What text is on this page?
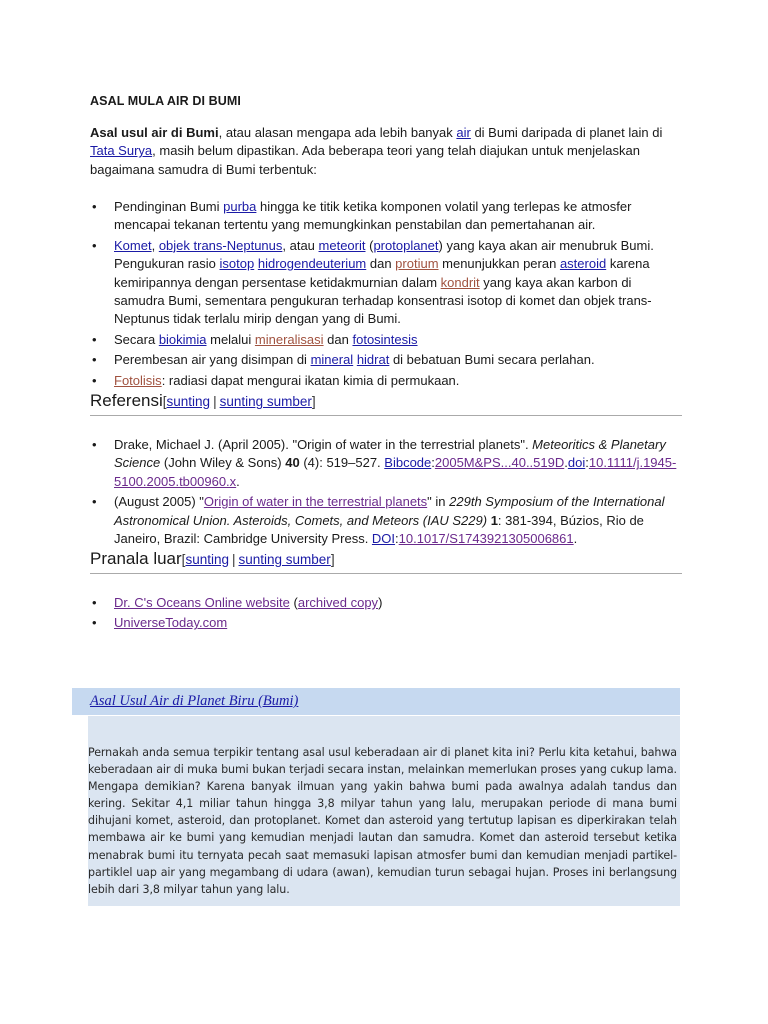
ASAL MULA AIR DI BUMI
Asal usul air di Bumi, atau alasan mengapa ada lebih banyak air di Bumi daripada di planet lain di Tata Surya, masih belum dipastikan. Ada beberapa teori yang telah diajukan untuk menjelaskan bagaimana samudra di Bumi terbentuk:
• Pendinginan Bumi purba hingga ke titik ketika komponen volatil yang terlepas ke atmosfer mencapai tekanan tertentu yang memungkinkan penstabilan dan pemertahanan air.
• Komet, objek trans-Neptunus, atau meteorit (protoplanet) yang kaya akan air menubruk Bumi. Pengukuran rasio isotop hidrogendeuterium dan protium menunjukkan peran asteroid karena kemiripannya dengan persentase ketidakmurnian dalam kondrit yang kaya akan karbon di samudra Bumi, sementara pengukuran terhadap konsentrasi isotop di komet dan objek trans-Neptunus tidak terlalu mirip dengan yang di Bumi.
• Secara biokimia melalui mineralisasi dan fotosintesis
• Perembesan air yang disimpan di mineral hidrat di bebatuan Bumi secara perlahan.
• Fotolisis: radiasi dapat mengurai ikatan kimia di permukaan.
Referensi[sunting | sunting sumber]
• Drake, Michael J. (April 2005). "Origin of water in the terrestrial planets". Meteoritics & Planetary Science (John Wiley & Sons) 40 (4): 519–527. Bibcode:2005M&PS...40..519D.doi:10.1111/j.1945-5100.2005.tb00960.x.
• (August 2005) "Origin of water in the terrestrial planets" in 229th Symposium of the International Astronomical Union. Asteroids, Comets, and Meteors (IAU S229) 1: 381-394, Búzios, Rio de Janeiro, Brazil: Cambridge University Press. DOI:10.1017/S1743921305006861.
Pranala luar[sunting | sunting sumber]
• Dr. C's Oceans Online website (archived copy)
• UniverseToday.com
Asal Usul Air di Planet Biru (Bumi)

Pernakah anda semua terpikir tentang asal usul keberadaan air di planet kita ini? Perlu kita ketahui, bahwa keberadaan air di muka bumi bukan terjadi secara instan, melainkan memerlukan proses yang cukup lama. Mengapa demikian? Karena banyak ilmuan yang yakin bahwa bumi pada awalnya adalah tandus dan kering. Sekitar 4,1 miliar tahun hingga 3,8 milyar tahun yang lalu, merupakan periode di mana bumi dihujani komet, asteroid, dan protoplanet. Komet dan asteroid yang tertutup lapisan es diperkirakan telah membawa air ke bumi yang kemudian menjadi lautan dan samudra. Komet dan asteroid tersebut ketika menabrak bumi itu ternyata pecah saat memasuki lapisan atmosfer bumi dan kemudian menjadi partikel-partiklel uap air yang megambang di udara (awan), kemudian turun sebagai hujan. Proses ini berlangsung lebih dari 3,8 milyar tahun yang lalu.
